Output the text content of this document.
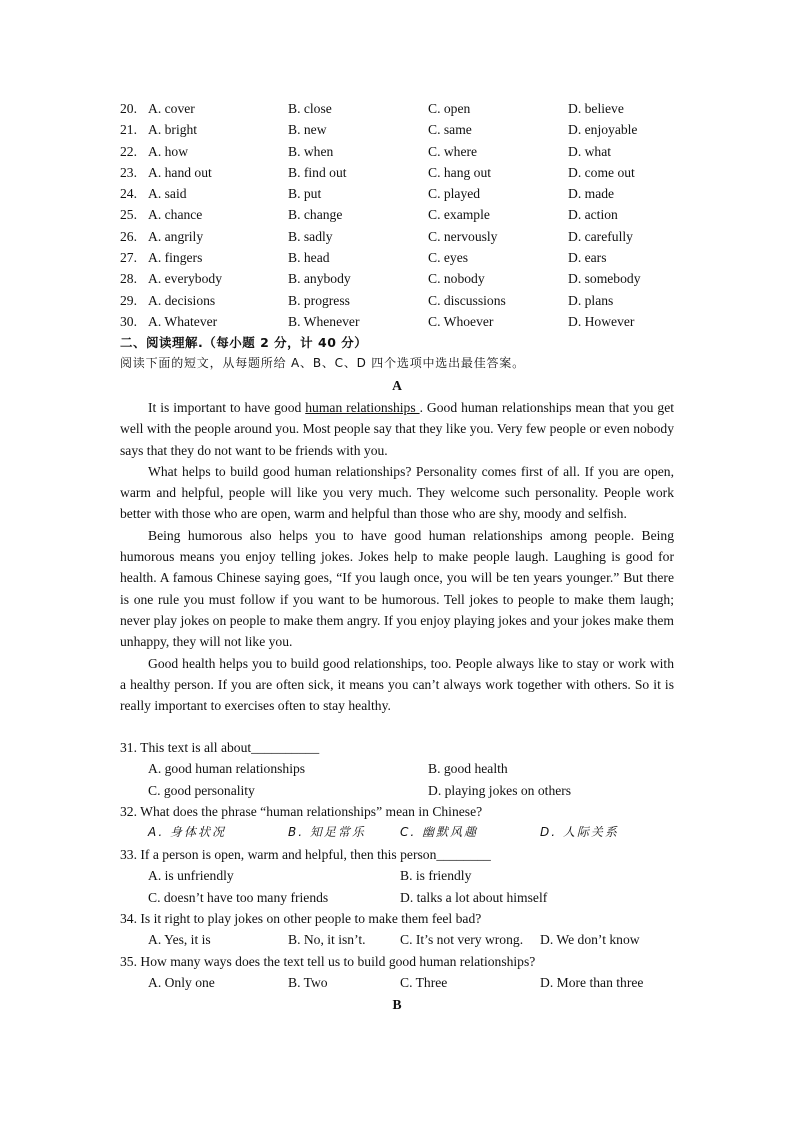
20. A. cover	B. close	C. open	D. believe
21. A. bright	B. new	C. same	D. enjoyable
22. A. how	B. when	C. where	D. what
23. A. hand out	B. find out	C. hang out	D. come out
24. A. said	B. put	C. played	D. made
25. A. chance	B. change	C. example	D. action
26. A. angrily	B. sadly	C. nervously	D. carefully
27. A. fingers	B. head	C. eyes	D. ears
28. A. everybody	B. anybody	C. nobody	D. somebody
29. A. decisions	B. progress	C. discussions	D. plans
30. A. Whatever	B. Whenever	C. Whoever	D. However
二、阅读理解.（每小题 2 分，计 40 分）
阅读下面的短文，从每题所给 A、B、C、D 四个选项中选出最佳答案。
A

It is important to have good human relationships . Good human relationships mean that you get well with the people around you. Most people say that they like you. Very few people or even nobody says that they do not want to be friends with you.

What helps to build good human relationships? Personality comes first of all. If you are open, warm and helpful, people will like you very much. They welcome such personality. People work better with those who are open, warm and helpful than those who are shy, moody and selfish.

Being humorous also helps you to have good human relationships among people. Being humorous means you enjoy telling jokes. Jokes help to make people laugh. Laughing is good for health. A famous Chinese saying goes, “If you laugh once, you will be ten years younger.” But there is one rule you must follow if you want to be humorous. Tell jokes to people to make them laugh; never play jokes on people to make them angry. If you enjoy playing jokes and your jokes make them unhappy, they will not like you.

Good health helps you to build good relationships, too. People always like to stay or work with a healthy person. If you are often sick, it means you can’t always work together with others. So it is really important to exercises often to stay healthy.

31. This text is all about__________
A. good human relationships	B. good health
C. good personality	D. playing jokes on others
32. What does the phrase “human relationships” mean in Chinese?
A. 身体状况	B. 知足常乐	C. 幽默风趣	D. 人际关系
33. If a person is open, warm and helpful, then this person________
A. is unfriendly	B. is friendly
C. doesn’t have too many friends	D. talks a lot about himself
34. Is it right to play jokes on other people to make them feel bad?
A. Yes, it is	B. No, it isn’t.	C. It’s not very wrong. D. We don’t know
35. How many ways does the text tell us to build good human relationships?
A. Only one	B. Two	C. Three	D. More than three
B
